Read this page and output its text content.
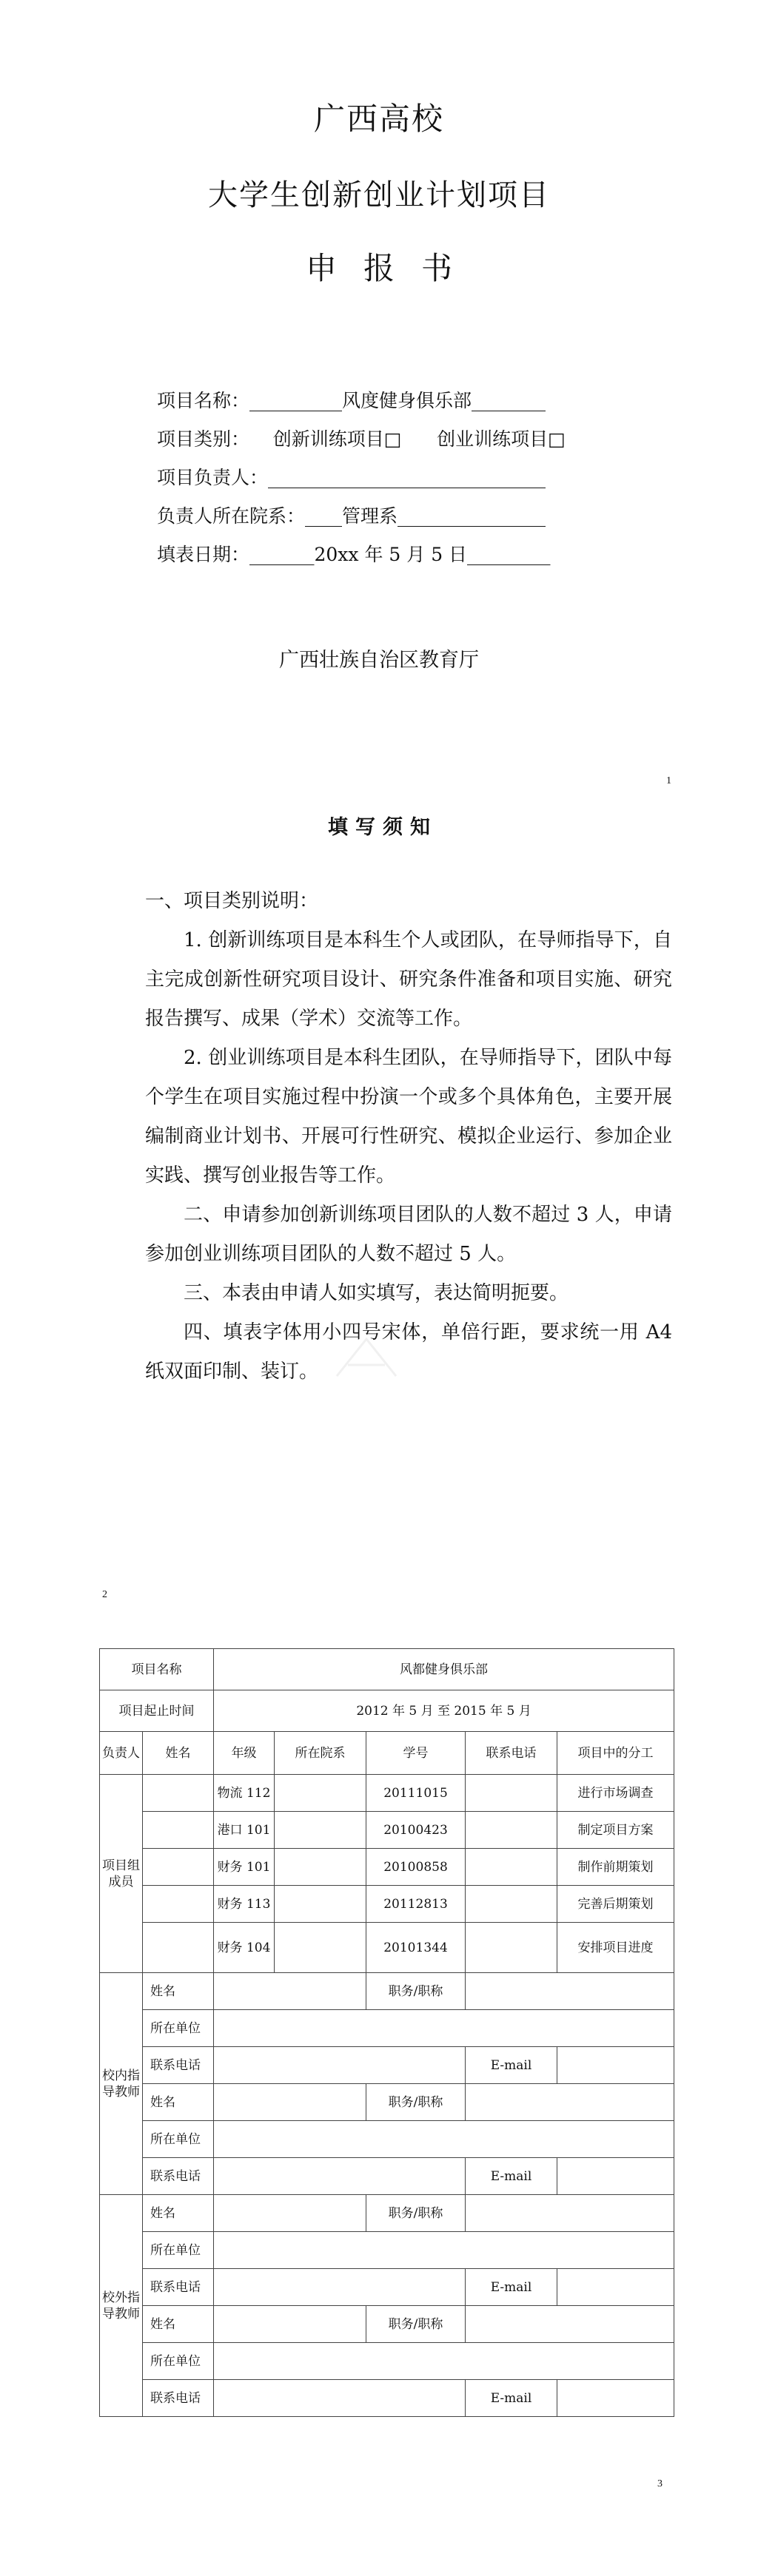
广西高校
大学生创新创业计划项目
申报书
项目名称：__________风度健身俱乐部________
项目类别：    创新训练项目□      创业训练项目□
项目负责人：______________________________
负责人所在院系：____管理系________________
填表日期：_______20xx 年 5 月 5 日_________
广西壮族自治区教育厅
1
填写须知
一、项目类别说明：
1. 创新训练项目是本科生个人或团队，在导师指导下，自主完成创新性研究项目设计、研究条件准备和项目实施、研究报告撰写、成果（学术）交流等工作。
2. 创业训练项目是本科生团队，在导师指导下，团队中每个学生在项目实施过程中扮演一个或多个具体角色，主要开展编制商业计划书、开展可行性研究、模拟企业运行、参加企业实践、撰写创业报告等工作。
二、申请参加创新训练项目团队的人数不超过 3 人，申请参加创业训练项目团队的人数不超过 5 人。
三、本表由申请人如实填写，表达简明扼要。
四、填表字体用小四号宋体，单倍行距，要求统一用 A4 纸双面印制、装订。
2
项目名称		风都健身俱乐部				
项目起止时间		2012 年 5 月 至 2015 年 5 月				
负责人	姓名	年级	所在院系	学号	联系电话	项目中的分工
项目组成员		物流 112		20111015		进行市场调查
		港口 101		20100423		制定项目方案
		财务 101		20100858		制作前期策划
		财务 113		20112813		完善后期策划
		财务 104		20101344		安排项目进度
校内指导教师	姓名			职务/职称		
	所在单位					
	联系电话				E-mail	
	姓名			职务/职称		
	所在单位					
	联系电话				E-mail	
校外指导教师	姓名			职务/职称		
	所在单位					
	联系电话				E-mail	
	姓名			职务/职称		
	所在单位					
	联系电话				E-mail	
3
